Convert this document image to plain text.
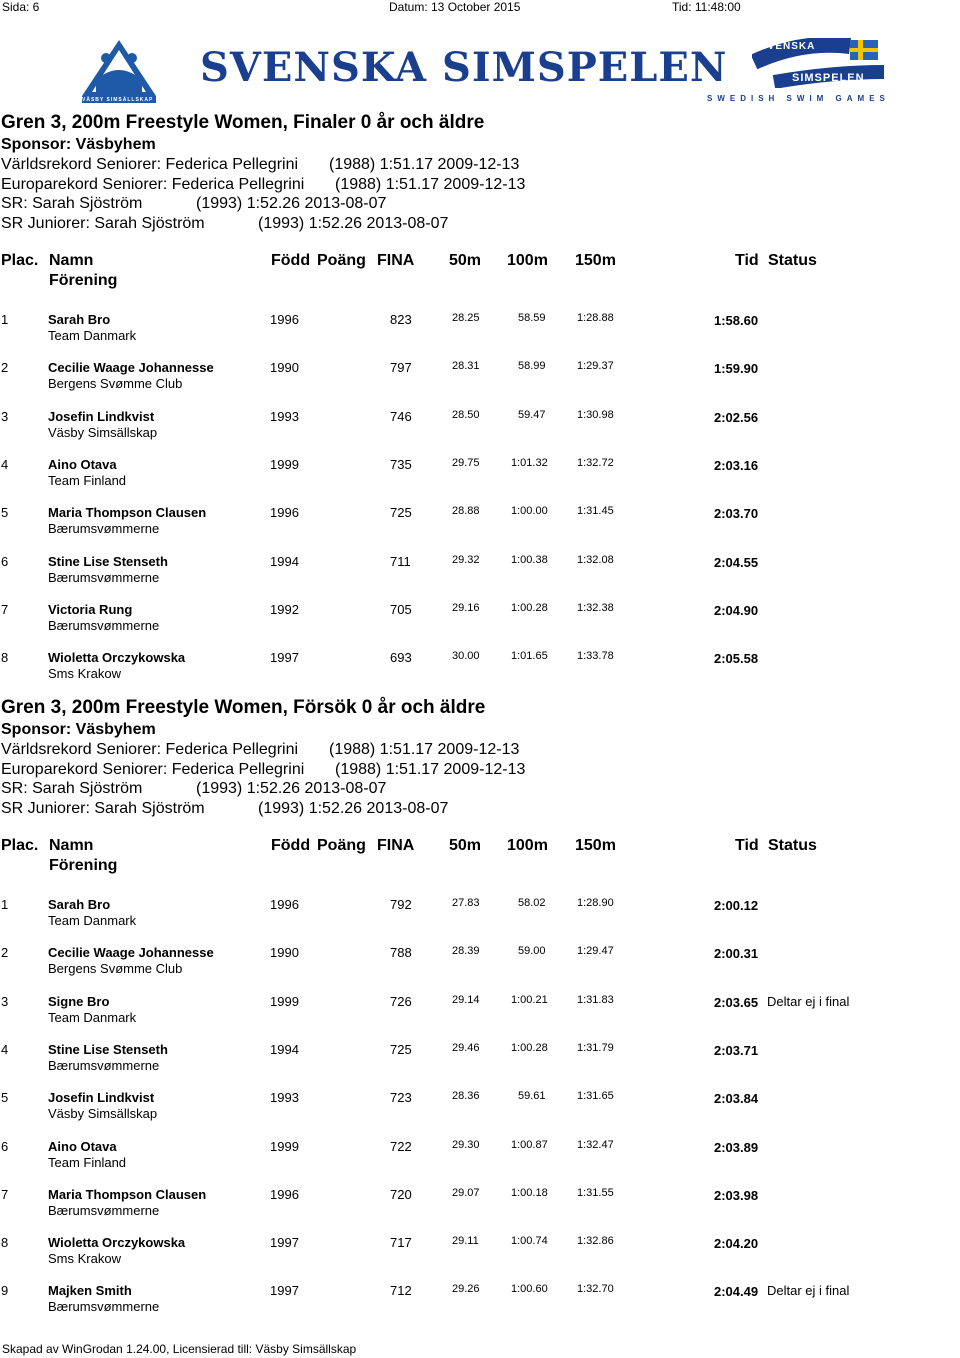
Sida: 6	Datum: 13 October 2015	Tid: 11:48:00
VÄSBY SIMSÄLLSKAP
SVENSKA SIMSPELEN	SVENSKA
SIMSPELEN
SWEDISH SWIM GAMES
Gren 3, 200m Freestyle Women, Finaler 0 år och äldre
Sponsor: Väsbyhem
Världsrekord Seniorer: Federica Pellegrini (1988) 1:51.17 2009-12-13
Europarekord Seniorer: Federica Pellegrini (1988) 1:51.17 2009-12-13
SR: Sarah Sjöström	(1993) 1:52.26 2013-08-07
SR Juniorer: Sarah Sjöström	(1993) 1:52.26 2013-08-07
Plac. Namn	Född Poäng FINA 50m 100m 150m	Tid Status
Förening
1	Sarah Bro
Team Danmark
1996	823	28.25	58.59	1:28.88	1:58.60
2	Cecilie Waage Johannesse
Bergens Svømme Club
1990	797	28.31	58.99	1:29.37	1:59.90
3	Josefin Lindkvist
Väsby Simsällskap
1993	746	28.50	59.47	1:30.98	2:02.56
4	Aino Otava
Team Finland
1999	735	29.75	1:01.32	1:32.72	2:03.16
5	Maria Thompson Clausen
Bærumsvømmerne
1996	725	28.88	1:00.00	1:31.45	2:03.70
6	Stine Lise Stenseth
Bærumsvømmerne
1994	711	29.32	1:00.38	1:32.08	2:04.55
7	Victoria Rung
Bærumsvømmerne
1992	705	29.16	1:00.28	1:32.38	2:04.90
8	Wioletta Orczykowska
Sms Krakow
1997	693	30.00	1:01.65	1:33.78	2:05.58
Gren 3, 200m Freestyle Women, Försök 0 år och äldre
Sponsor: Väsbyhem
Världsrekord Seniorer: Federica Pellegrini (1988) 1:51.17 2009-12-13
Europarekord Seniorer: Federica Pellegrini (1988) 1:51.17 2009-12-13
SR: Sarah Sjöström	(1993) 1:52.26 2013-08-07
SR Juniorer: Sarah Sjöström	(1993) 1:52.26 2013-08-07
Plac. Namn	Född Poäng FINA 50m 100m 150m	Tid Status
Förening
1	Sarah Bro
Team Danmark
1996	792	27.83	58.02	1:28.90	2:00.12
2	Cecilie Waage Johannesse
Bergens Svømme Club
1990	788	28.39	59.00	1:29.47	2:00.31
3	Signe Bro
Team Danmark
1999	726	29.14	1:00.21	1:31.83	2:03.65 Deltar ej i final
4	Stine Lise Stenseth
Bærumsvømmerne
1994	725	29.46	1:00.28	1:31.79	2:03.71
5	Josefin Lindkvist
Väsby Simsällskap
1993	723	28.36	59.61	1:31.65	2:03.84
6	Aino Otava
Team Finland
1999	722	29.30	1:00.87	1:32.47	2:03.89
7	Maria Thompson Clausen
Bærumsvømmerne
1996	720	29.07	1:00.18	1:31.55	2:03.98
8	Wioletta Orczykowska
Sms Krakow
1997	717	29.11	1:00.74	1:32.86	2:04.20
9	Majken Smith
Bærumsvømmerne
1997	712	29.26	1:00.60	1:32.70	2:04.49 Deltar ej i final
Skapad av WinGrodan 1.24.00, Licensierad till: Väsby Simsällskap
